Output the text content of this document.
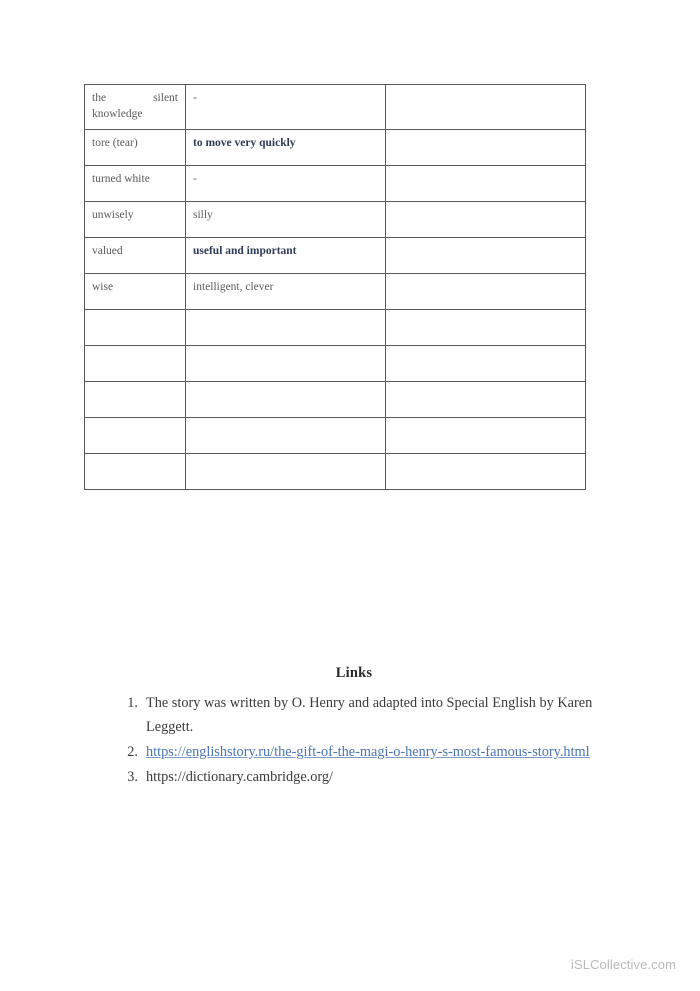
the silent knowledge	-	
tore (tear)	to move very quickly	
turned white	-	
unwisely	silly	
valued	useful and important	
wise	intelligent, clever	

Links
The story was written by O. Henry and adapted into Special English by Karen Leggett.
https://englishstory.ru/the-gift-of-the-magi-o-henry-s-most-famous-story.html
https://dictionary.cambridge.org/
iSLCollective.com
